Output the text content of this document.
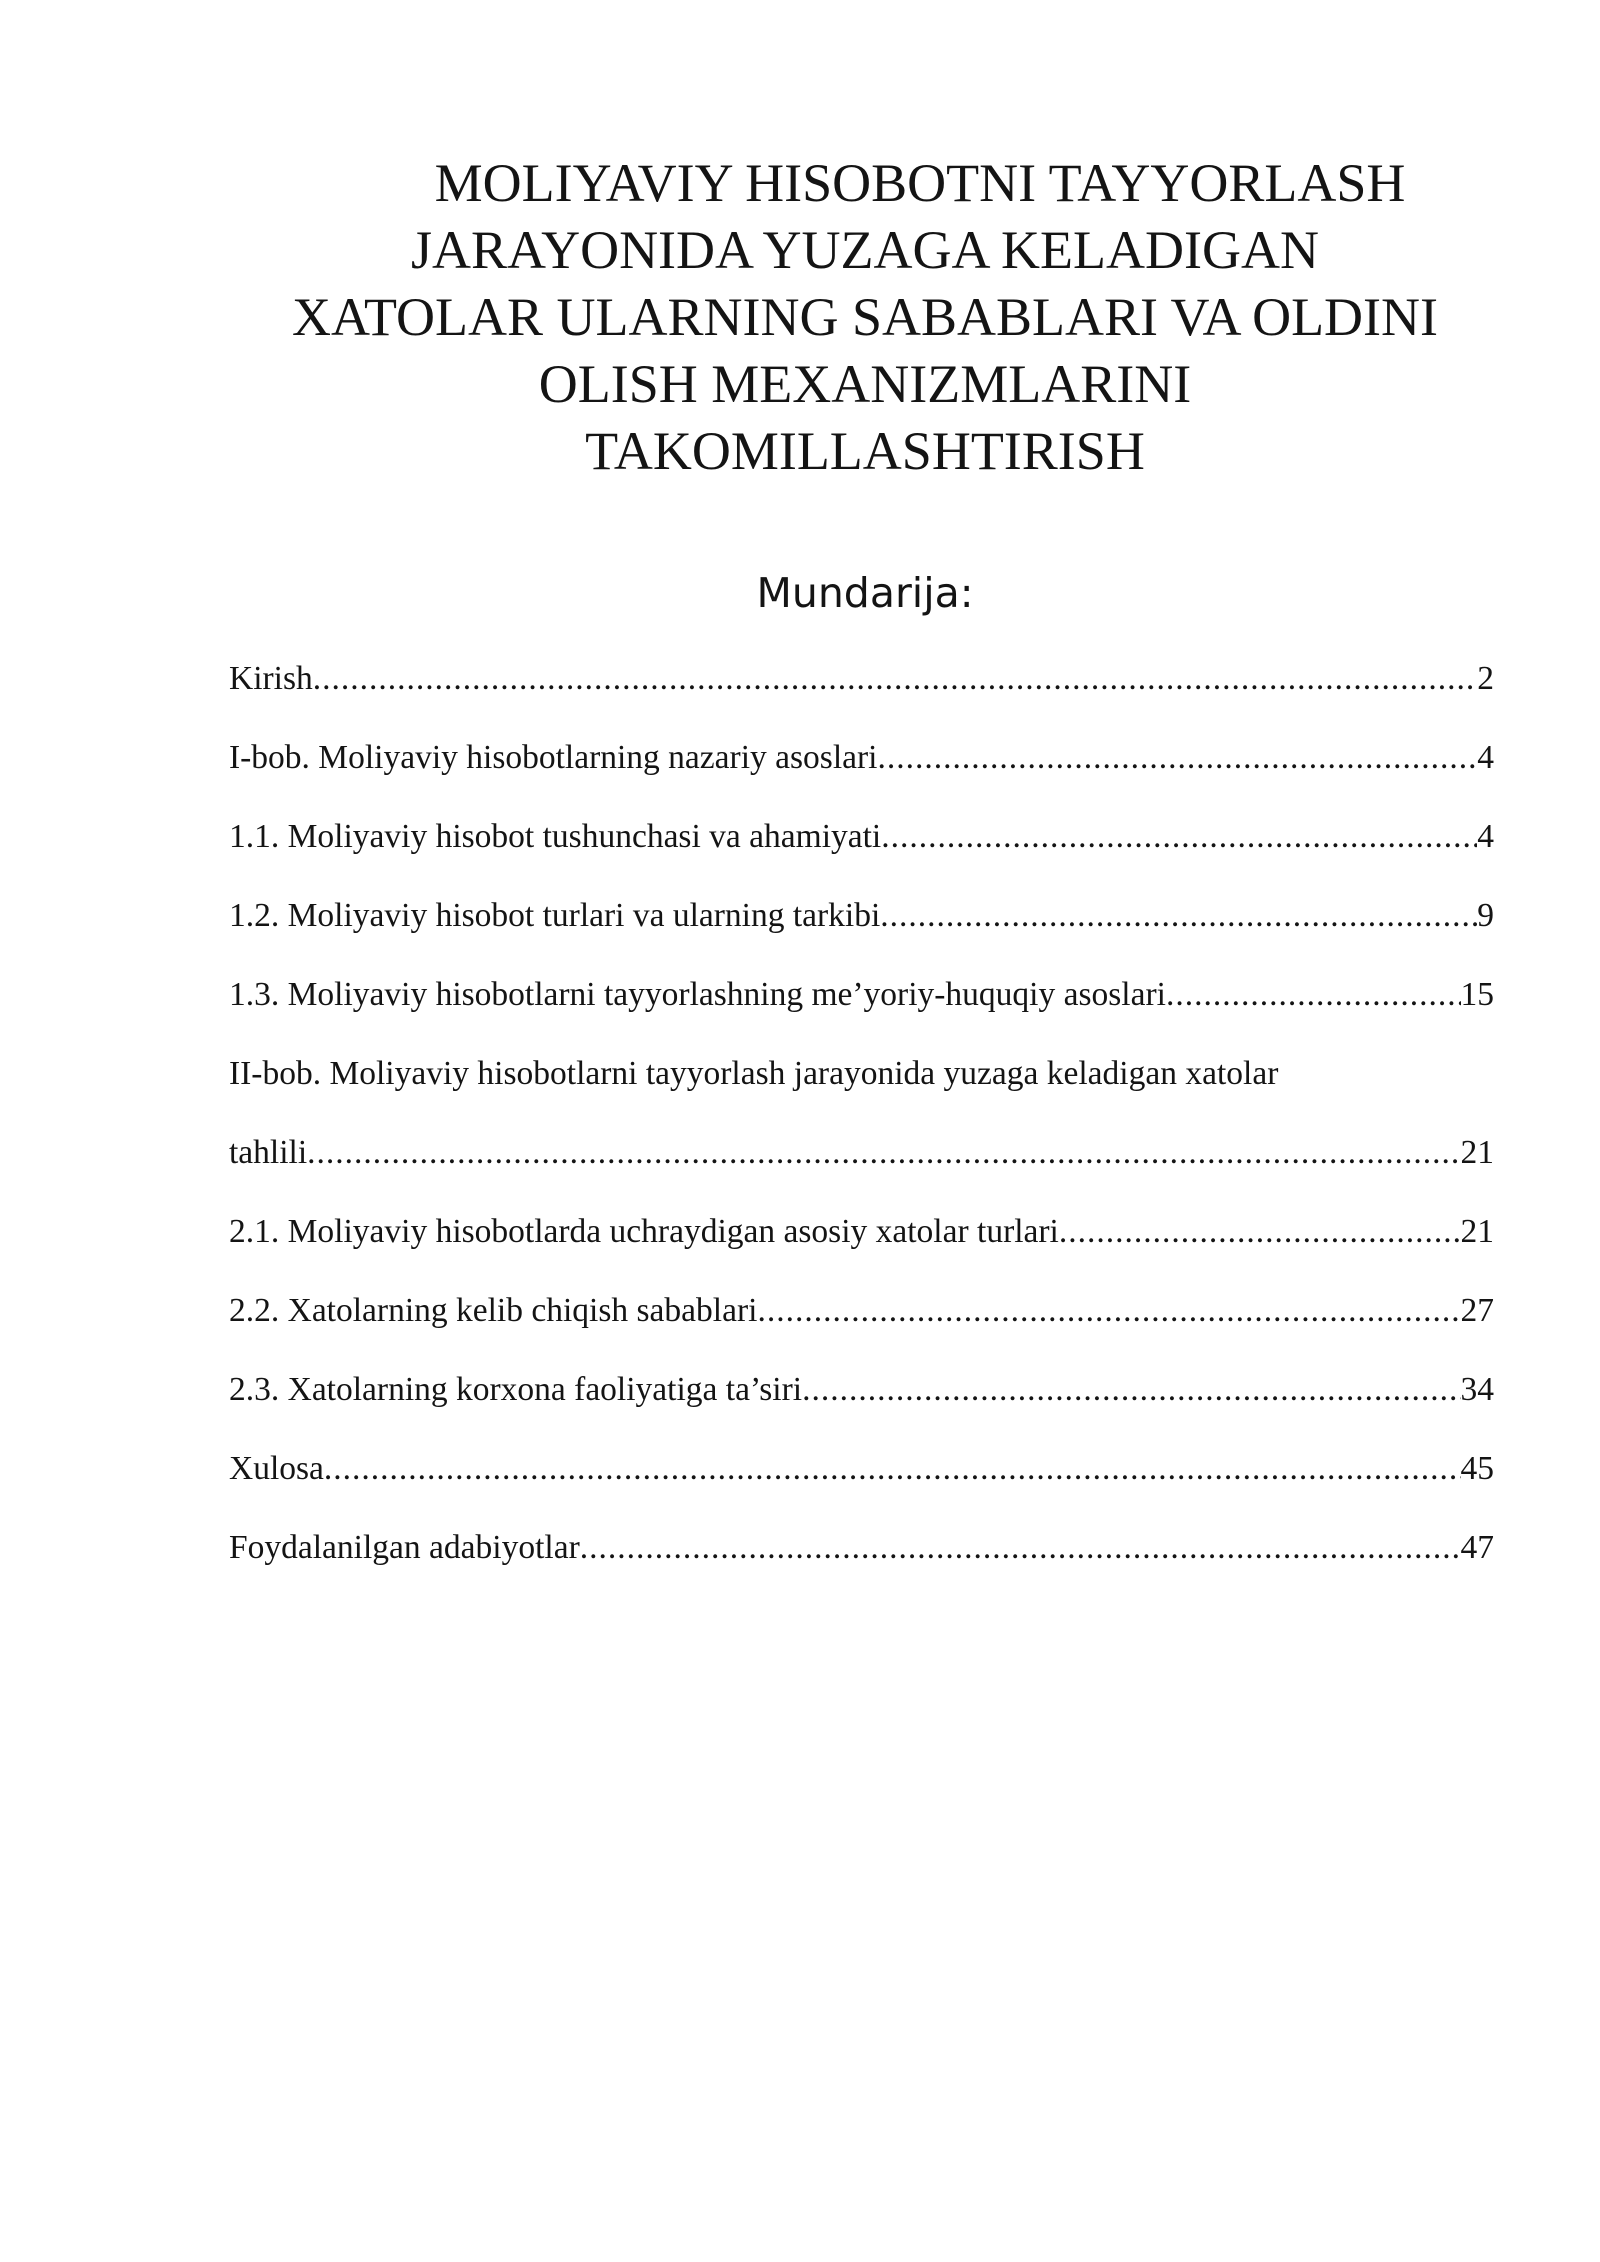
MOLIYAVIY HISOBOTNI TAYYORLASH
JARAYONIDA YUZAGA KELADIGAN
XATOLAR ULARNING SABABLARI VA OLDINI
OLISH MEXANIZMLARINI
TAKOMILLASHTIRISH
Mundarija:
Kirish .....	2
I-bob. Moliyaviy hisobotlarning nazariy asoslari .....	4
1.1. Moliyaviy hisobot tushunchasi va ahamiyati .....	4
1.2. Moliyaviy hisobot turlari va ularning tarkibi .....	9
1.3. Moliyaviy hisobotlarni tayyorlashning me’yoriy-huquqiy asoslari .....	15
II-bob. Moliyaviy hisobotlarni tayyorlash jarayonida yuzaga keladigan xatolar
tahlili .....	21
2.1. Moliyaviy hisobotlarda uchraydigan asosiy xatolar turlari .....	21
2.2. Xatolarning kelib chiqish sabablari .....	27
2.3. Xatolarning korxona faoliyatiga ta’siri .....	34
Xulosa .....	45
Foydalanilgan adabiyotlar .....	47
